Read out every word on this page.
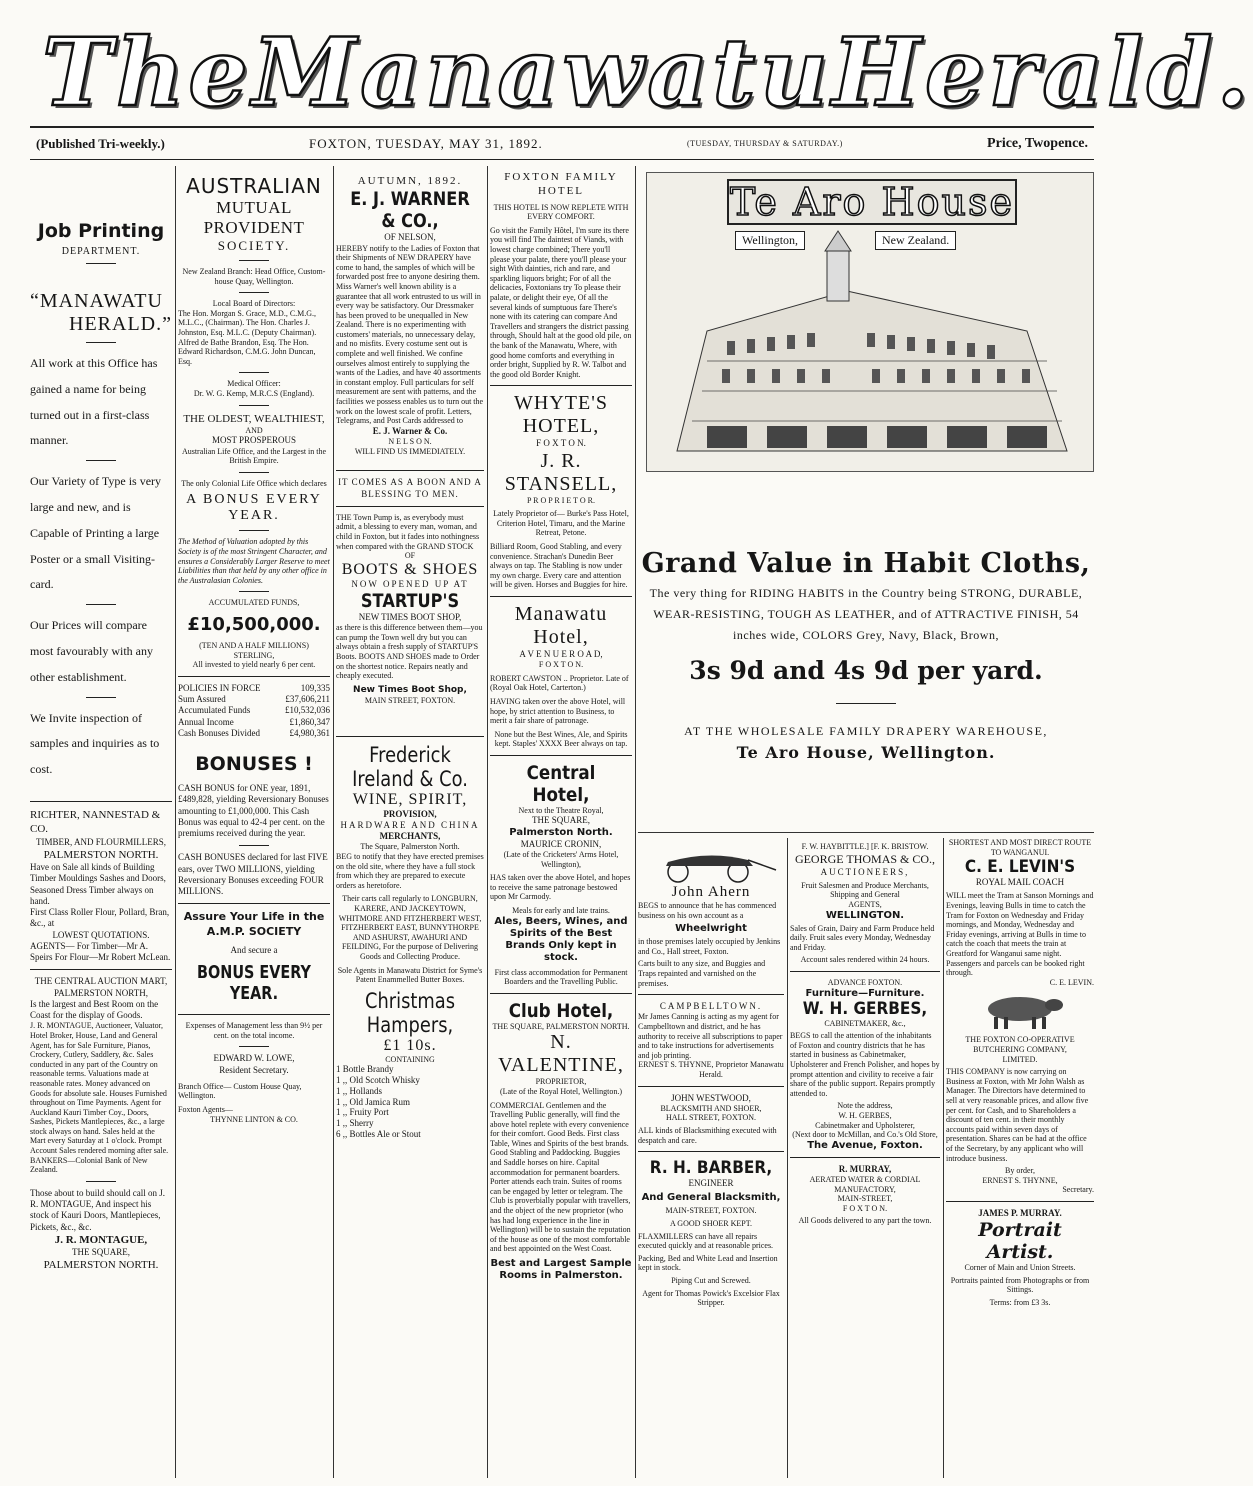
The Manawatu Herald .
(Published Tri-weekly.)	FOXTON, TUESDAY, MAY 31, 1892.	(TUESDAY, THURSDAY & SATURDAY.)	Price, Twopence.
Job Printing
DEPARTMENT.
“MANAWATU
HERALD.”

All work at this Office has gained a name for being turned out in a first-class manner.

Our Variety of Type is very large and new, and is Capable of Printing a large Poster or a small Visiting-card.

Our Prices will compare most favourably with any other establishment.

We Invite inspection of samples and inquiries as to cost.

RICHTER, NANNESTAD & CO.
TIMBER, AND FLOURMILLERS,
PALMERSTON NORTH.

Have on Sale all kinds of Building Timber Mouldings Sashes and Doors,

Seasoned Dress Timber always on hand.

First Class Roller Flour, Pollard, Bran, &c., at

LOWEST QUOTATIONS.

AGENTS— For Timber—Mr A. Speirs For Flour—Mr Robert McLean.

THE CENTRAL AUCTION MART, PALMERSTON NORTH,

Is the largest and Best Room on the Coast for the display of Goods.

J. R. MONTAGUE, Auctioneer, Valuator, Hotel Broker, House, Land and General Agent, has for Sale Furniture, Pianos, Crockery, Cutlery, Saddlery, &c. Sales conducted in any part of the Country on reasonable terms. Valuations made at reasonable rates. Money advanced on Goods for absolute sale. Houses Furnished throughout on Time Payments. Agent for Auckland Kauri Timber Coy., Doors, Sashes, Pickets Mantlepieces, &c., a large stock always on hand. Sales held at the Mart every Saturday at 1 o'clock. Prompt Account Sales rendered morning after sale. BANKERS—Colonial Bank of New Zealand.

Those about to build should call on J. R. MONTAGUE, And inspect his stock of Kauri Doors, Mantlepieces, Pickets, &c., &c.

J. R. MONTAGUE,
THE SQUARE,
PALMERSTON NORTH.
AUSTRALIAN
MUTUAL PROVIDENT
SOCIETY.

New Zealand Branch: Head Office, Custom-house Quay, Wellington.

Local Board of Directors:

The Hon. Morgan S. Grace, M.D., C.M.G., M.L.C., (Chairman). The Hon. Charles J. Johnston, Esq. M.L.C. (Deputy Chairman). Alfred de Bathe Brandon, Esq. The Hon. Edward Richardson, C.M.G. John Duncan, Esq.

Medical Officer:
Dr. W. G. Kemp, M.R.C.S (England).
THE OLDEST, WEALTHIEST,
AND
MOST PROSPEROUS

Australian Life Office, and the Largest in the British Empire.

The only Colonial Life Office which declares

A BONUS EVERY YEAR.

The Method of Valuation adopted by this Society is of the most Stringent Character, and ensures a Considerably Larger Reserve to meet Liabilities than that held by any other office in the Australasian Colonies.

ACCUMULATED FUNDS,
£10,500,000.
(TEN AND A HALF MILLIONS)
STERLING,
All invested to yield nearly 6 per cent.
POLICIES IN FORCE	109,335
Sum Assured	£37,606,211
Accumulated Funds	£10,532,036
Annual Income	£1,860,347
Cash Bonuses Divided	£4,980,361
BONUSES !

CASH BONUS for ONE year, 1891, £489,828, yielding Reversionary Bonuses amounting to £1,000,000. This Cash Bonus was equal to 42-4 per cent. on the premiums received during the year.

CASH BONUSES declared for last FIVE ears, over TWO MILLIONS, yielding Reversionary Bonuses exceeding FOUR MILLIONS.

Assure Your Life in the A.M.P. SOCIETY
And secure a
BONUS EVERY YEAR.

Expenses of Management less than 9½ per cent. on the total income.

EDWARD W. LOWE,
Resident Secretary.

Branch Office— Custom House Quay, Wellington.

Foxton Agents—
THYNNE LINTON & CO.
AUTUMN, 1892.
E. J. WARNER & CO.,
OF NELSON,

HEREBY notify to the Ladies of Foxton that their Shipments of NEW DRAPERY have come to hand, the samples of which will be forwarded post free to anyone desiring them. Miss Warner's well known ability is a guarantee that all work entrusted to us will in every way be satisfactory. Our Dressmaker has been proved to be unequalled in New Zealand. There is no experimenting with customers' materials, no unnecessary delay, and no misfits. Every costume sent out is complete and well finished. We confine ourselves almost entirely to supplying the wants of the Ladies, and have 40 assortments in constant employ. Full particulars for self measurement are sent with patterns, and the facilities we possess enables us to turn out the work on the lowest scale of profit. Letters, Telegrams, and Post Cards addressed to

E. J. Warner & Co.
N E L S O N.
WILL FIND US IMMEDIATELY.

IT COMES AS A BOON AND A BLESSING TO MEN.

THE Town Pump is, as everybody must admit, a blessing to every man, woman, and child in Foxton, but it fades into nothingness when compared with the GRAND STOCK

OF
BOOTS & SHOES
NOW OPENED UP AT
STARTUP'S
NEW TIMES BOOT SHOP,

as there is this difference between them—you can pump the Town well dry but you can always obtain a fresh supply of STARTUP'S Boots. BOOTS AND SHOES made to Order on the shortest notice. Repairs neatly and cheaply executed.

New Times Boot Shop,
MAIN STREET, FOXTON.
Frederick Ireland & Co.
WINE, SPIRIT,
PROVISION,
HARDWARE AND CHINA
MERCHANTS,
The Square, Palmerston North.

BEG to notify that they have erected premises on the old site, where they have a full stock from which they are prepared to execute orders as heretofore.

Their carts call regularly to LONGBURN, KARERE, AND JACKEYTOWN, WHITMORE AND FITZHERBERT WEST, FITZHERBERT EAST, BUNNYTHORPE AND ASHURST, AWAHURI AND FEILDING, For the purpose of Delivering Goods and Collecting Produce.

Sole Agents in Manawatu District for Syme's Patent Enammelled Butter Boxes.

Christmas Hampers,
£1 10s.
CONTAINING
1 Bottle Brandy
1 ,, Old Scotch Whisky
1 ,, Hollands
1 ,, Old Jamica Rum
1 ,, Fruity Port
1 ,, Sherry
6 ,, Bottles Ale or Stout
FOXTON FAMILY HOTEL

THIS HOTEL IS NOW REPLETE WITH EVERY COMFORT.

Go visit the Family Hôtel, I'm sure its there you will find The daintest of Viands, with lowest charge combined; There you'll please your palate, there you'll please your sight With dainties, rich and rare, and sparkling liquors bright; For of all the delicacies, Foxtonians try To please their palate, or delight their eye, Of all the several kinds of sumptuous fare There's none with its catering can compare And Travellers and strangers the district passing through, Should halt at the good old pile, on the bank of the Manawatu, Where, with good home comforts and everything in order bright, Supplied by R. W. Talbot and the good old Border Knight.

WHYTE'S HOTEL,
F O X T O N.
J. R. STANSELL,
P R O P R I E T O R.

Lately Proprietor of— Burke's Pass Hotel, Criterion Hotel, Timaru, and the Marine Retreat, Petone.

Billiard Room, Good Stabling, and every convenience. Strachan's Dunedin Beer always on tap. The Stabling is now under my own charge. Every care and attention will be given. Horses and Buggies for hire.

Manawatu Hotel,
A V E N U E R O A D,
F O X T O N.

ROBERT CAWSTON .. Proprietor. Late of (Royal Oak Hotel, Carterton.)

HAVING taken over the above Hotel, will hope, by strict attention to Business, to merit a fair share of patronage.

None but the Best Wines, Ale, and Spirits kept. Staples' XXXX Beer always on tap.

Central Hotel,
Next to the Theatre Royal,
THE SQUARE,
Palmerston North.
MAURICE CRONIN,

(Late of the Cricketers' Arms Hotel, Wellington),

HAS taken over the above Hotel, and hopes to receive the same patronage bestowed upon Mr Carmody.

Meals for early and late trains.
Ales, Beers, Wines, and Spirits of the Best Brands Only kept in stock.

First class accommodation for Permanent Boarders and the Travelling Public.

Club Hotel,
THE SQUARE, PALMERSTON NORTH.
N. VALENTINE,
PROPRIETOR,
(Late of the Royal Hotel, Wellington.)

COMMERCIAL Gentlemen and the Travelling Public generally, will find the above hotel replete with every convenience for their comfort. Good Beds. First class Table, Wines and Spirits of the best brands. Good Stabling and Paddocking. Buggies and Saddle horses on hire. Capital accommodation for permanent boarders. Porter attends each train. Suites of rooms can be engaged by letter or telegram. The Club is proverbially popular with travellers, and the object of the new proprietor (who has had long experience in the line in Wellington) will be to sustain the reputation of the house as one of the most comfortable and best appointed on the West Coast.

Best and Largest Sample Rooms in Palmerston.
Te Aro House
Wellington,	New Zealand.
Grand Value in Habit Cloths,

The very thing for RIDING HABITS in the Country being STRONG, DURABLE, WEAR-RESISTING, TOUGH AS LEATHER, and of ATTRACTIVE FINISH, 54 inches wide, COLORS Grey, Navy, Black, Brown,

3s 9d and 4s 9d per yard.
AT THE WHOLESALE FAMILY DRAPERY WAREHOUSE,
Te Aro House, Wellington.
John Ahern

BEGS to announce that he has commenced business on his own account as a

Wheelwright

in those premises lately occupied by Jenkins and Co., Hall street, Foxton.

Carts built to any size, and Buggies and Traps repainted and varnished on the premises.

CAMPBELLTOWN.

Mr James Canning is acting as my agent for Campbelltown and district, and he has authority to receive all subscriptions to paper and to take instructions for advertisements and job printing.

ERNEST S. THYNNE, Proprietor Manawatu Herald.

JOHN WESTWOOD,
BLACKSMITH AND SHOER,
HALL STREET, FOXTON.

ALL kinds of Blacksmithing executed with despatch and care.

R. H. BARBER,
ENGINEER
And General Blacksmith,
MAIN-STREET, FOXTON.
A GOOD SHOER KEPT.

FLAXMILLERS can have all repairs executed quickly and at reasonable prices.

Packing, Bed and White Lead and Insertion kept in stock.

Piping Cut and Screwed.

Agent for Thomas Powick's Excelsior Flax Stripper.

F. W. HAYBITTLE.] [F. K. BRISTOW.
GEORGE THOMAS & CO.,
AUCTIONEERS,

Fruit Salesmen and Produce Merchants, Shipping and General

AGENTS,
WELLINGTON.

Sales of Grain, Dairy and Farm Produce held daily. Fruit sales every Monday, Wednesday and Friday.

Account sales rendered within 24 hours.

ADVANCE FOXTON.
Furniture—Furniture.
W. H. GERBES,
CABINETMAKER, &c.,

BEGS to call the attention of the inhabitants of Foxton and country districts that he has started in business as Cabinetmaker, Upholsterer and French Polisher, and hopes by prompt attention and civility to receive a fair share of the public support. Repairs promptly attended to.

Note the address,
W. H. GERBES,
Cabinetmaker and Upholsterer,
(Next door to McMillan, and Co.'s Old Store,
The Avenue, Foxton.
R. MURRAY,
AERATED WATER & CORDIAL MANUFACTORY,
MAIN-STREET,
F O X T O N.

All Goods delivered to any part the town.

SHORTEST AND MOST DIRECT ROUTE TO WANGANUI.

C. E. LEVIN'S
ROYAL MAIL COACH

WILL meet the Tram at Sanson Mornings and Evenings, leaving Bulls in time to catch the Tram for Foxton on Wednesday and Friday mornings, and Monday, Wednesday and Friday evenings, arriving at Bulls in time to catch the coach that meets the train at Greatford for Wanganui same night. Passengers and parcels can be booked right through.

C. E. LEVIN.
THE FOXTON CO-OPERATIVE
BUTCHERING COMPANY,
LIMITED.

THIS COMPANY is now carrying on Business at Foxton, with Mr John Walsh as Manager. The Directors have determined to sell at very reasonable prices, and allow five per cent. for Cash, and to Shareholders a discount of ten cent. in their monthly accounts paid within seven days of presentation. Shares can be had at the office of the Secretary, by any applicant who will introduce business.

By order,
ERNEST S. THYNNE,
Secretary.
JAMES P. MURRAY.
Portrait Artist.
Corner of Main and Union Streets.

Portraits painted from Photographs or from Sittings.

Terms: from £3 3s.
